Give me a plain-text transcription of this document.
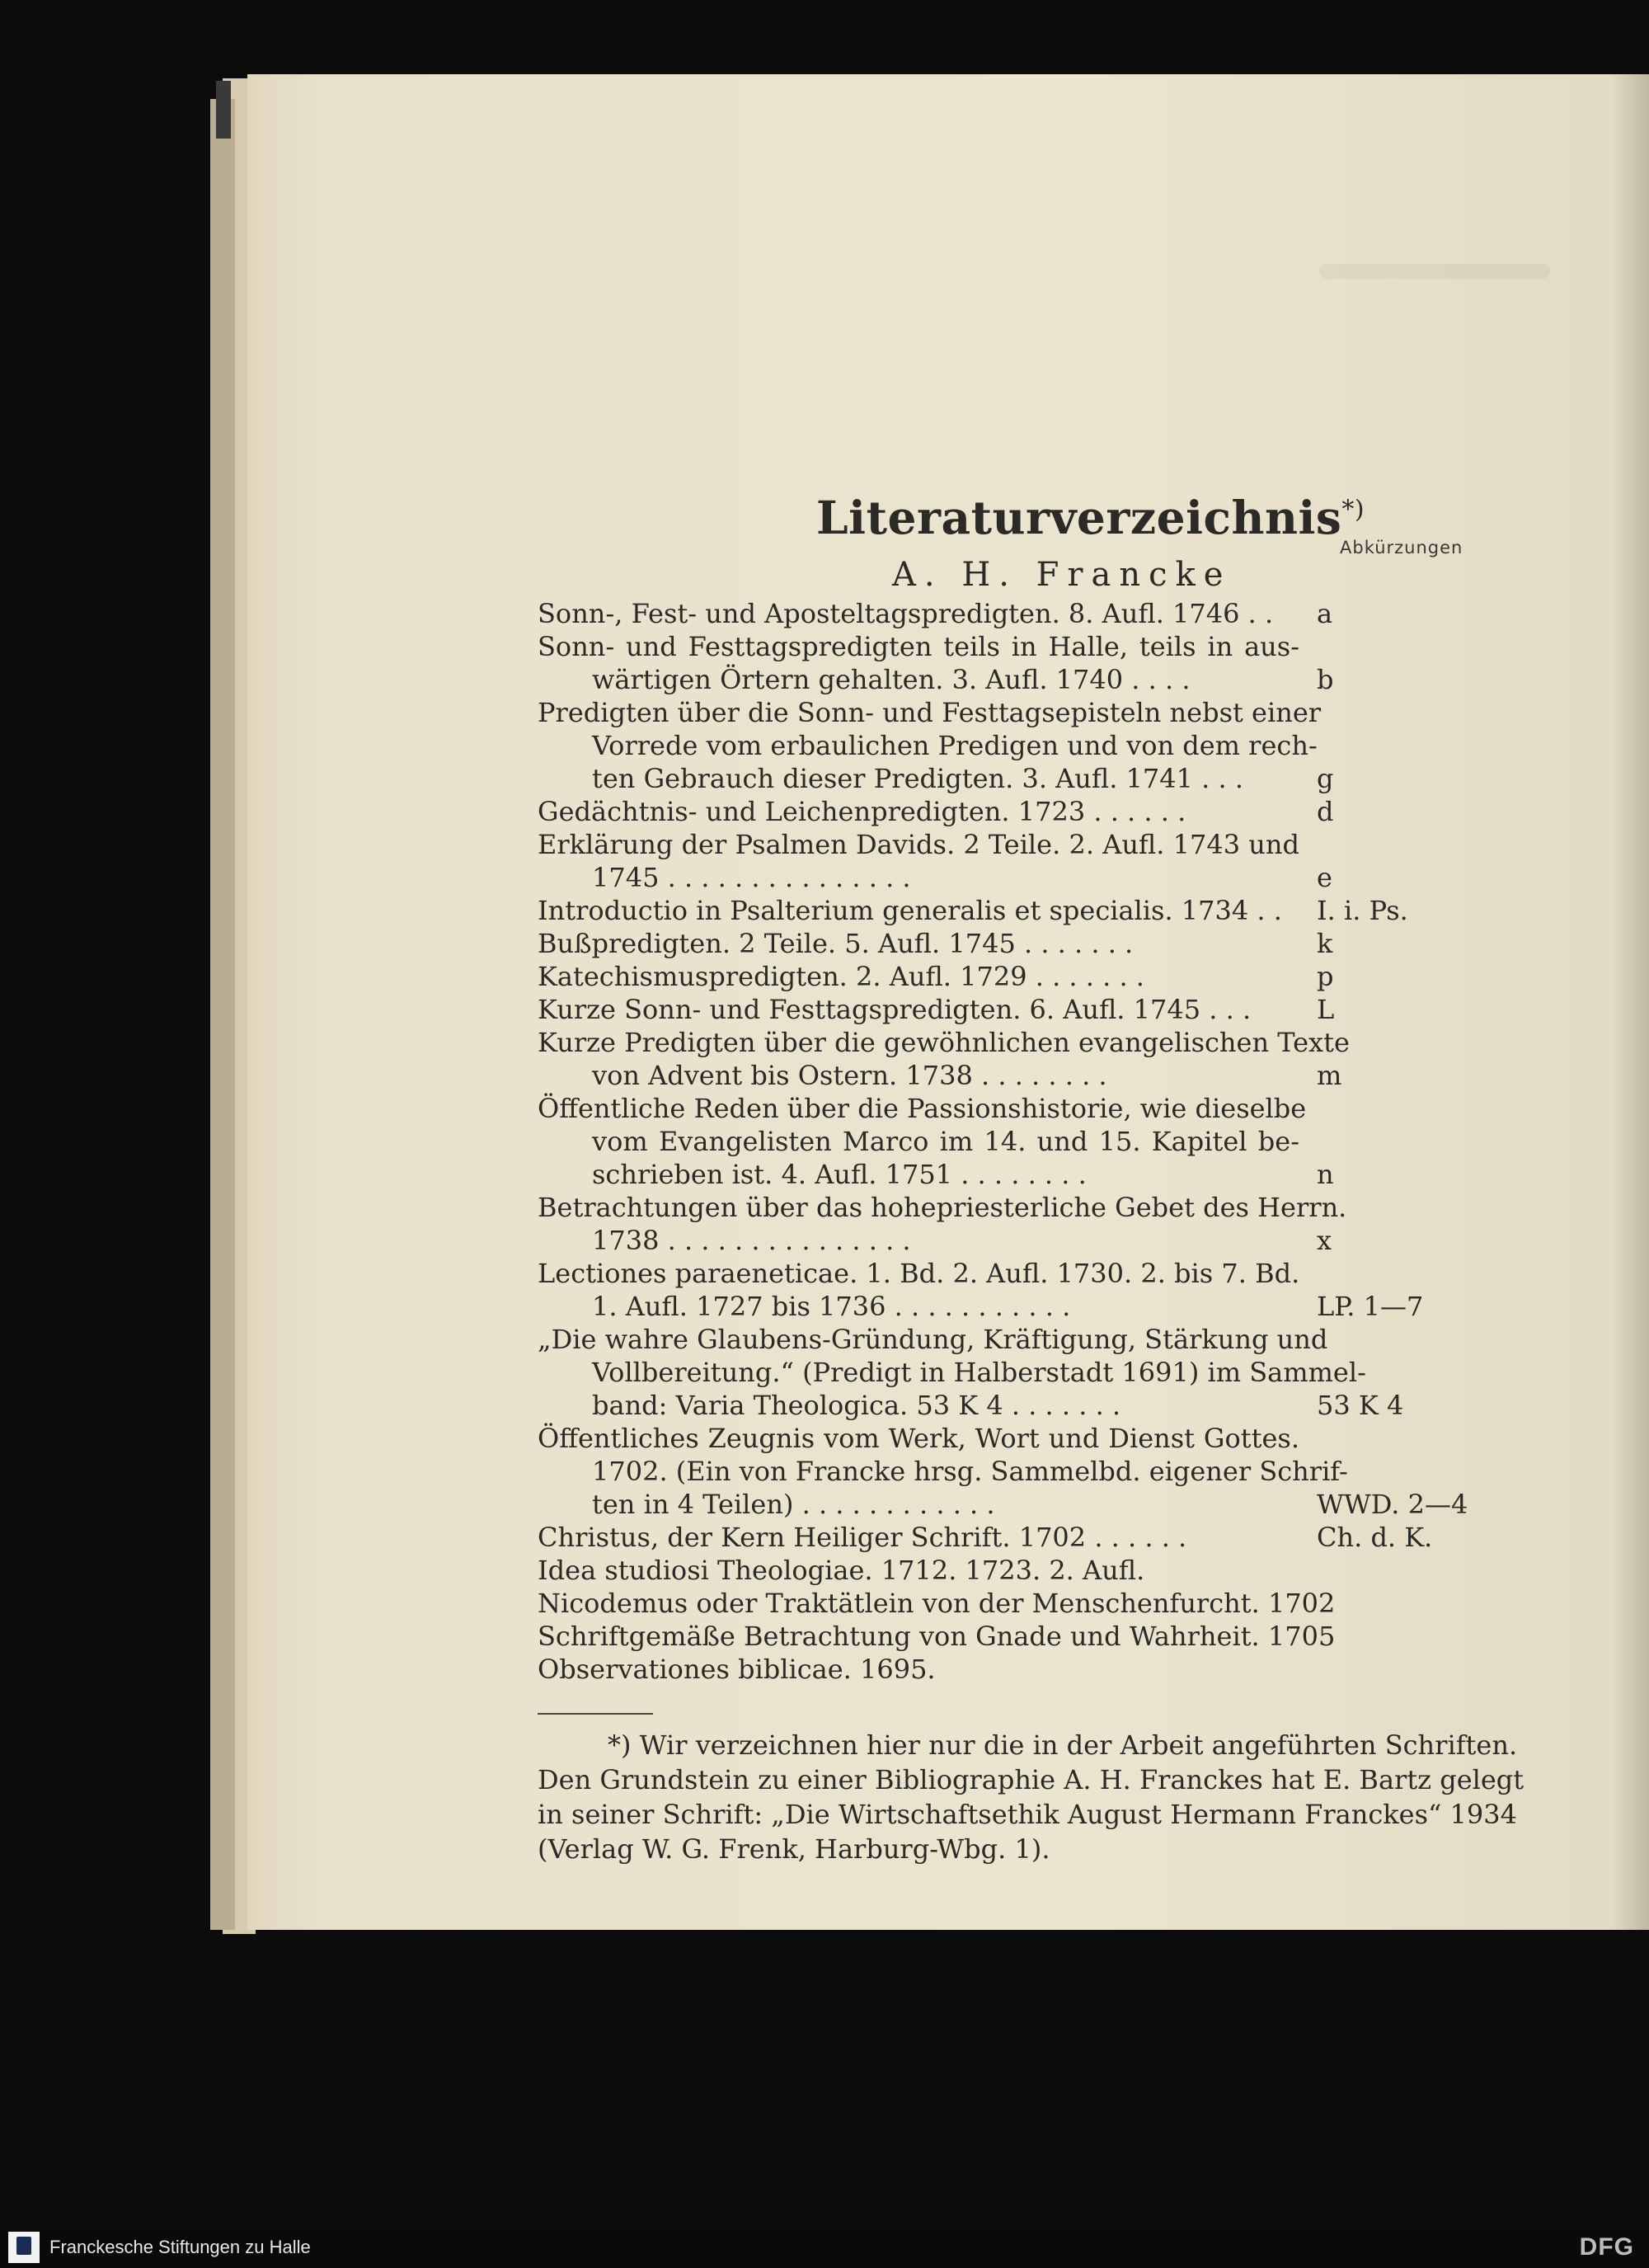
Literaturverzeichnis*)
Abkürzungen
A. H. Francke
Sonn-, Fest- und Aposteltagspredigten. 8. Aufl. 1746 . .	a
Sonn- und Festtagspredigten teils in Halle, teils in aus-
wärtigen Örtern gehalten. 3. Aufl. 1740 . . . .	b
Predigten über die Sonn- und Festtagsepisteln nebst einer
Vorrede vom erbaulichen Predigen und von dem rech-
ten Gebrauch dieser Predigten. 3. Aufl. 1741 . . .	g
Gedächtnis- und Leichenpredigten. 1723 . . . . . .	d
Erklärung der Psalmen Davids. 2 Teile. 2. Aufl. 1743 und
1745 . . . . . . . . . . . . . . .	e
Introductio in Psalterium generalis et specialis. 1734 . .	I. i. Ps.
Bußpredigten. 2 Teile. 5. Aufl. 1745 . . . . . . .	k
Katechismuspredigten. 2. Aufl. 1729 . . . . . . .	p
Kurze Sonn- und Festtagspredigten. 6. Aufl. 1745 . . .	L
Kurze Predigten über die gewöhnlichen evangelischen Texte
von Advent bis Ostern. 1738 . . . . . . . .	m
Öffentliche Reden über die Passionshistorie, wie dieselbe
vom Evangelisten Marco im 14. und 15. Kapitel be-
schrieben ist. 4. Aufl. 1751 . . . . . . . .	n
Betrachtungen über das hohepriesterliche Gebet des Herrn.
1738 . . . . . . . . . . . . . . .	x
Lectiones paraeneticae. 1. Bd. 2. Aufl. 1730. 2. bis 7. Bd.
1. Aufl. 1727 bis 1736 . . . . . . . . . . .	LP. 1—7
„Die wahre Glaubens-Gründung, Kräftigung, Stärkung und
Vollbereitung.“ (Predigt in Halberstadt 1691) im Sammel-
band: Varia Theologica. 53 K 4 . . . . . . .	53 K 4
Öffentliches Zeugnis vom Werk, Wort und Dienst Gottes.
1702. (Ein von Francke hrsg. Sammelbd. eigener Schrif-
ten in 4 Teilen) . . . . . . . . . . . .	WWD. 2—4
Christus, der Kern Heiliger Schrift. 1702 . . . . . .	Ch. d. K.
Idea studiosi Theologiae. 1712. 1723. 2. Aufl.
Nicodemus oder Traktätlein von der Menschenfurcht. 1702
Schriftgemäße Betrachtung von Gnade und Wahrheit. 1705
Observationes biblicae. 1695.
*) Wir verzeichnen hier nur die in der Arbeit angeführten Schriften.
Den Grundstein zu einer Bibliographie A. H. Franckes hat E. Bartz gelegt
in seiner Schrift: „Die Wirtschaftsethik August Hermann Franckes“ 1934
(Verlag W. G. Frenk, Harburg-Wbg. 1).
Franckesche Stiftungen zu Halle	DFG
